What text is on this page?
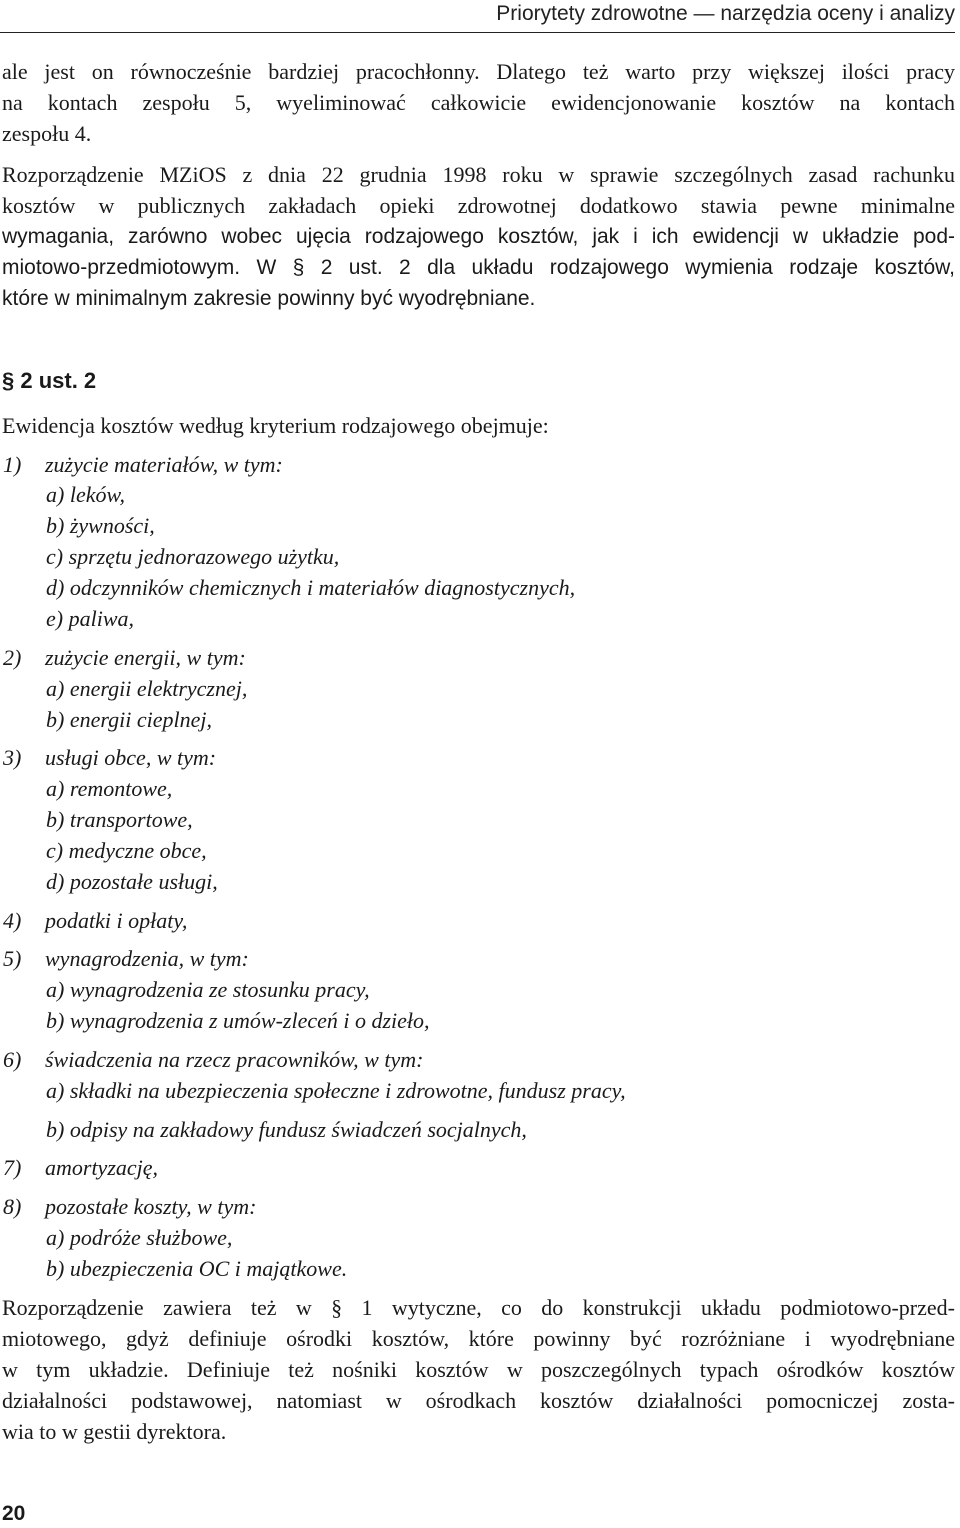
Priorytety zdrowotne — narzędzia oceny i analizy
ale jest on równocześnie bardziej pracochłonny. Dlatego też warto przy większej ilości pracy
na kontach zespołu 5, wyeliminować całkowicie ewidencjonowanie kosztów na kontach
zespołu 4.
Rozporządzenie MZiOS z dnia 22 grudnia 1998 roku w sprawie szczególnych zasad rachunku
kosztów w publicznych zakładach opieki zdrowotnej dodatkowo stawia pewne minimalne
wymagania, zarówno wobec ujęcia rodzajowego kosztów, jak i ich ewidencji w układzie pod-
miotowo-przedmiotowym. W § 2 ust. 2 dla układu rodzajowego wymienia rodzaje kosztów,
które w minimalnym zakresie powinny być wyodrębniane.
§ 2 ust. 2
Ewidencja kosztów według kryterium rodzajowego obejmuje:
1) zużycie materiałów, w tym:
a) leków,
b) żywności,
c) sprzętu jednorazowego użytku,
d) odczynników chemicznych i materiałów diagnostycznych,
e) paliwa,
2) zużycie energii, w tym:
a) energii elektrycznej,
b) energii cieplnej,
3) usługi obce, w tym:
a) remontowe,
b) transportowe,
c) medyczne obce,
d) pozostałe usługi,
4) podatki i opłaty,
5) wynagrodzenia, w tym:
a) wynagrodzenia ze stosunku pracy,
b) wynagrodzenia z umów-zleceń i o dzieło,
6) świadczenia na rzecz pracowników, w tym:
a) składki na ubezpieczenia społeczne i zdrowotne, fundusz pracy,
b) odpisy na zakładowy fundusz świadczeń socjalnych,
7) amortyzację,
8) pozostałe koszty, w tym:
a) podróże służbowe,
b) ubezpieczenia OC i majątkowe.
Rozporządzenie zawiera też w § 1 wytyczne, co do konstrukcji układu podmiotowo-przed-
miotowego, gdyż definiuje ośrodki kosztów, które powinny być rozróżniane i wyodrębniane
w tym układzie. Definiuje też nośniki kosztów w poszczególnych typach ośrodków kosztów
działalności podstawowej, natomiast w ośrodkach kosztów działalności pomocniczej zosta-
wia to w gestii dyrektora.
20
